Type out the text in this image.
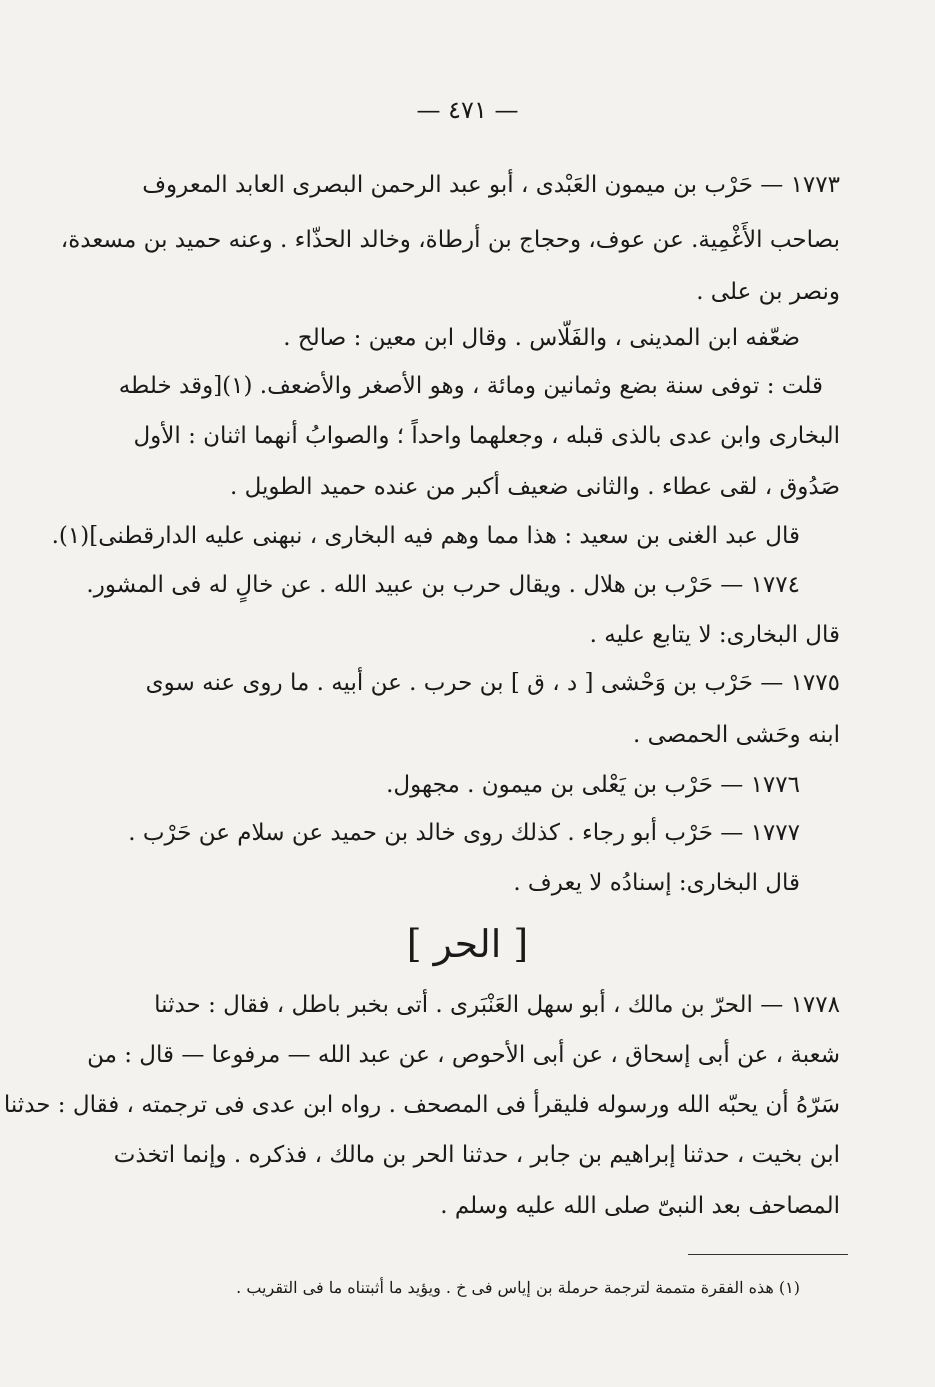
— ٤٧١ —
١٧٧٣ — حَرْب بن ميمون العَبْدى ، أبو عبد الرحمن البصرى العابد المعروف
بصاحب الأَغْمِية. عن عوف، وحجاج بن أرطاة، وخالد الحذّاء . وعنه حميد بن مسعدة،
ونصر بن على .
ضعّفه ابن المدينى ، والفَلّاس . وقال ابن معين : صالح .
قلت : توفى سنة بضع وثمانين ومائة ، وهو الأصغر والأضعف. (١)[وقد خلطه
البخارى وابن عدى بالذى قبله ، وجعلهما واحداً ؛ والصوابُ أنهما اثنان : الأول
صَدُوق ، لقى عطاء . والثانى ضعيف أكبر من عنده حميد الطويل .
قال عبد الغنى بن سعيد : هذا مما وهم فيه البخارى ، نبهنى عليه الدارقطنى](١).
١٧٧٤ — حَرْب بن هلال . ويقال حرب بن عبيد الله . عن خالٍ له فى المشور.
قال البخارى: لا يتابع عليه .
١٧٧٥ — حَرْب بن وَحْشى [ د ، ق ] بن حرب . عن أبيه . ما روى عنه سوى
ابنه وحَشى الحمصى .
١٧٧٦ — حَرْب بن يَعْلى بن ميمون . مجهول.
١٧٧٧ — حَرْب أبو رجاء . كذلك روى خالد بن حميد عن سلام عن حَرْب .
قال البخارى: إسنادُه لا يعرف .
[ الحر ]
١٧٧٨ — الحرّ بن مالك ، أبو سهل العَنْبَرى . أتى بخبر باطل ، فقال : حدثنا
شعبة ، عن أبى إسحاق ، عن أبى الأحوص ، عن عبد الله — مرفوعا — قال : من
سَرّهُ أن يحبّه الله ورسوله فليقرأ فى المصحف . رواه ابن عدى فى ترجمته ، فقال : حدثنا
ابن بخيت ، حدثنا إبراهيم بن جابر ، حدثنا الحر بن مالك ، فذكره . وإنما اتخذت
المصاحف بعد النبىّ صلى الله عليه وسلم .
(١) هذه الفقرة متممة لترجمة حرملة بن إياس فى خ . ويؤيد ما أثبتناه ما فى التقريب .
